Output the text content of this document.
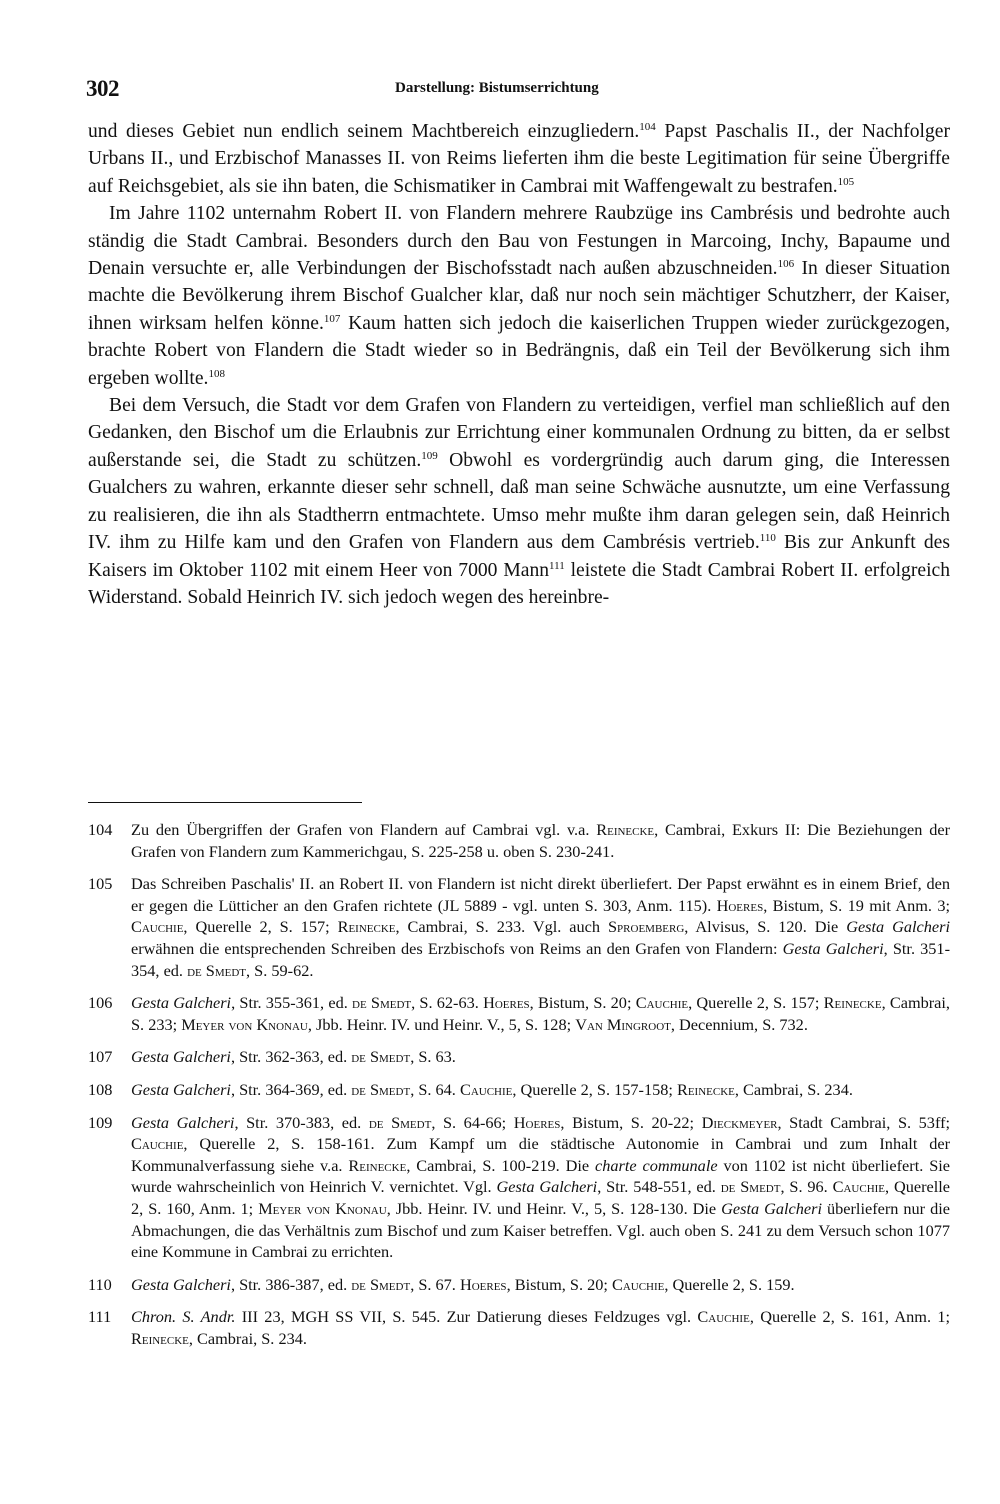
302	Darstellung: Bistumserrichtung

und dieses Gebiet nun endlich seinem Machtbereich einzugliedern.$^{104}$ Papst Paschalis II., der Nachfolger Urbans II., und Erzbischof Manasses II. von Reims lieferten ihm die beste Legitimation für seine Übergriffe auf Reichsgebiet, als sie ihn baten, die Schismatiker in Cambrai mit Waffengewalt zu bestrafen.$^{105}$

Im Jahre 1102 unternahm Robert II. von Flandern mehrere Raubzüge ins Cambrésis und bedrohte auch ständig die Stadt Cambrai. Besonders durch den Bau von Festungen in Marcoing, Inchy, Bapaume und Denain versuchte er, alle Verbindungen der Bischofsstadt nach außen abzuschneiden.$^{106}$ In dieser Situation machte die Bevölkerung ihrem Bischof Gualcher klar, daß nur noch sein mächtiger Schutzherr, der Kaiser, ihnen wirksam helfen könne.$^{107}$ Kaum hatten sich jedoch die kaiserlichen Truppen wieder zurückgezogen, brachte Robert von Flandern die Stadt wieder so in Bedrängnis, daß ein Teil der Bevölkerung sich ihm ergeben wollte.$^{108}$

Bei dem Versuch, die Stadt vor dem Grafen von Flandern zu verteidigen, verfiel man schließlich auf den Gedanken, den Bischof um die Erlaubnis zur Errichtung einer kommunalen Ordnung zu bitten, da er selbst außerstande sei, die Stadt zu schützen.$^{109}$ Obwohl es vordergründig auch darum ging, die Interessen Gualchers zu wahren, erkannte dieser sehr schnell, daß man seine Schwäche ausnutzte, um eine Verfassung zu realisieren, die ihn als Stadtherrn entmachtete. Umso mehr mußte ihm daran gelegen sein, daß Heinrich IV. ihm zu Hilfe kam und den Grafen von Flandern aus dem Cambrésis vertrieb.$^{110}$ Bis zur Ankunft des Kaisers im Oktober 1102 mit einem Heer von 7000 Mann$^{111}$ leistete die Stadt Cambrai Robert II. erfolgreich Widerstand. Sobald Heinrich IV. sich jedoch wegen des hereinbre-

104	Zu den Übergriffen der Grafen von Flandern auf Cambrai vgl. v.a. Reinecke, Cambrai, Exkurs II: Die Beziehungen der Grafen von Flandern zum Kammerichgau, S. 225-258 u. oben S. 230-241.
105	Das Schreiben Paschalis' II. an Robert II. von Flandern ist nicht direkt überliefert. Der Papst erwähnt es in einem Brief, den er gegen die Lütticher an den Grafen richtete (JL 5889 - vgl. unten S. 303, Anm. 115). Hoeres, Bistum, S. 19 mit Anm. 3; Cauchie, Querelle 2, S. 157; Reinecke, Cambrai, S. 233. Vgl. auch Sproemberg, Alvisus, S. 120. Die Gesta Galcheri erwähnen die entsprechenden Schreiben des Erzbischofs von Reims an den Grafen von Flandern: Gesta Galcheri, Str. 351-354, ed. de Smedt, S. 59-62.
106	Gesta Galcheri, Str. 355-361, ed. de Smedt, S. 62-63. Hoeres, Bistum, S. 20; Cauchie, Querelle 2, S. 157; Reinecke, Cambrai, S. 233; Meyer von Knonau, Jbb. Heinr. IV. und Heinr. V., 5, S. 128; Van Mingroot, Decennium, S. 732.
107	Gesta Galcheri, Str. 362-363, ed. de Smedt, S. 63.
108	Gesta Galcheri, Str. 364-369, ed. de Smedt, S. 64. Cauchie, Querelle 2, S. 157-158; Reinecke, Cambrai, S. 234.
109	Gesta Galcheri, Str. 370-383, ed. de Smedt, S. 64-66; Hoeres, Bistum, S. 20-22; Dieckmeyer, Stadt Cambrai, S. 53ff; Cauchie, Querelle 2, S. 158-161. Zum Kampf um die städtische Autonomie in Cambrai und zum Inhalt der Kommunalverfassung siehe v.a. Reinecke, Cambrai, S. 100-219. Die charte communale von 1102 ist nicht überliefert. Sie wurde wahrscheinlich von Heinrich V. vernichtet. Vgl. Gesta Galcheri, Str. 548-551, ed. de Smedt, S. 96. Cauchie, Querelle 2, S. 160, Anm. 1; Meyer von Knonau, Jbb. Heinr. IV. und Heinr. V., 5, S. 128-130. Die Gesta Galcheri überliefern nur die Abmachungen, die das Verhältnis zum Bischof und zum Kaiser betreffen. Vgl. auch oben S. 241 zu dem Versuch schon 1077 eine Kommune in Cambrai zu errichten.
110	Gesta Galcheri, Str. 386-387, ed. de Smedt, S. 67. Hoeres, Bistum, S. 20; Cauchie, Querelle 2, S. 159.
111	Chron. S. Andr. III 23, MGH SS VII, S. 545. Zur Datierung dieses Feldzuges vgl. Cauchie, Querelle 2, S. 161, Anm. 1; Reinecke, Cambrai, S. 234.
